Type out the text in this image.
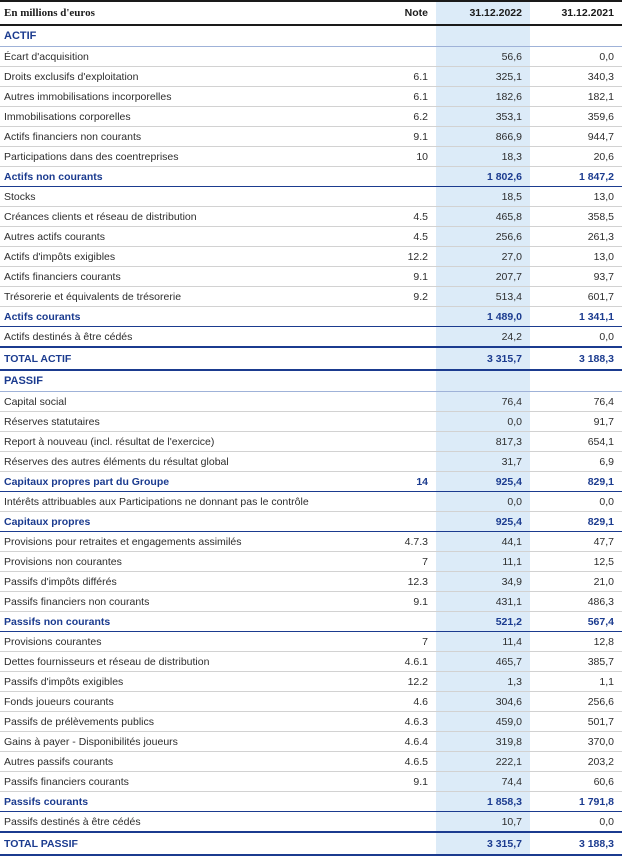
En millions d'euros	Note	31.12.2022	31.12.2021
ACTIF			
Écart d'acquisition		56,6	0,0
Droits exclusifs d'exploitation	6.1	325,1	340,3
Autres immobilisations incorporelles	6.1	182,6	182,1
Immobilisations corporelles	6.2	353,1	359,6
Actifs financiers non courants	9.1	866,9	944,7
Participations dans des coentreprises	10	18,3	20,6
Actifs non courants		1 802,6	1 847,2
Stocks		18,5	13,0
Créances clients et réseau de distribution	4.5	465,8	358,5
Autres actifs courants	4.5	256,6	261,3
Actifs d'impôts exigibles	12.2	27,0	13,0
Actifs financiers courants	9.1	207,7	93,7
Trésorerie et équivalents de trésorerie	9.2	513,4	601,7
Actifs courants		1 489,0	1 341,1
Actifs destinés à être cédés		24,2	0,0
TOTAL ACTIF		3 315,7	3 188,3
PASSIF			
Capital social		76,4	76,4
Réserves statutaires		0,0	91,7
Report à nouveau (incl. résultat de l'exercice)		817,3	654,1
Réserves des autres éléments du résultat global		31,7	6,9
Capitaux propres part du Groupe	14	925,4	829,1
Intérêts attribuables aux Participations ne donnant pas le contrôle		0,0	0,0
Capitaux propres		925,4	829,1
Provisions pour retraites et engagements assimilés	4.7.3	44,1	47,7
Provisions non courantes	7	11,1	12,5
Passifs d'impôts différés	12.3	34,9	21,0
Passifs financiers non courants	9.1	431,1	486,3
Passifs non courants		521,2	567,4
Provisions courantes	7	11,4	12,8
Dettes fournisseurs et réseau de distribution	4.6.1	465,7	385,7
Passifs d'impôts exigibles	12.2	1,3	1,1
Fonds joueurs courants	4.6	304,6	256,6
Passifs de prélèvements publics	4.6.3	459,0	501,7
Gains à payer - Disponibilités joueurs	4.6.4	319,8	370,0
Autres passifs courants	4.6.5	222,1	203,2
Passifs financiers courants	9.1	74,4	60,6
Passifs courants		1 858,3	1 791,8
Passifs destinés à être cédés		10,7	0,0
TOTAL PASSIF		3 315,7	3 188,3
